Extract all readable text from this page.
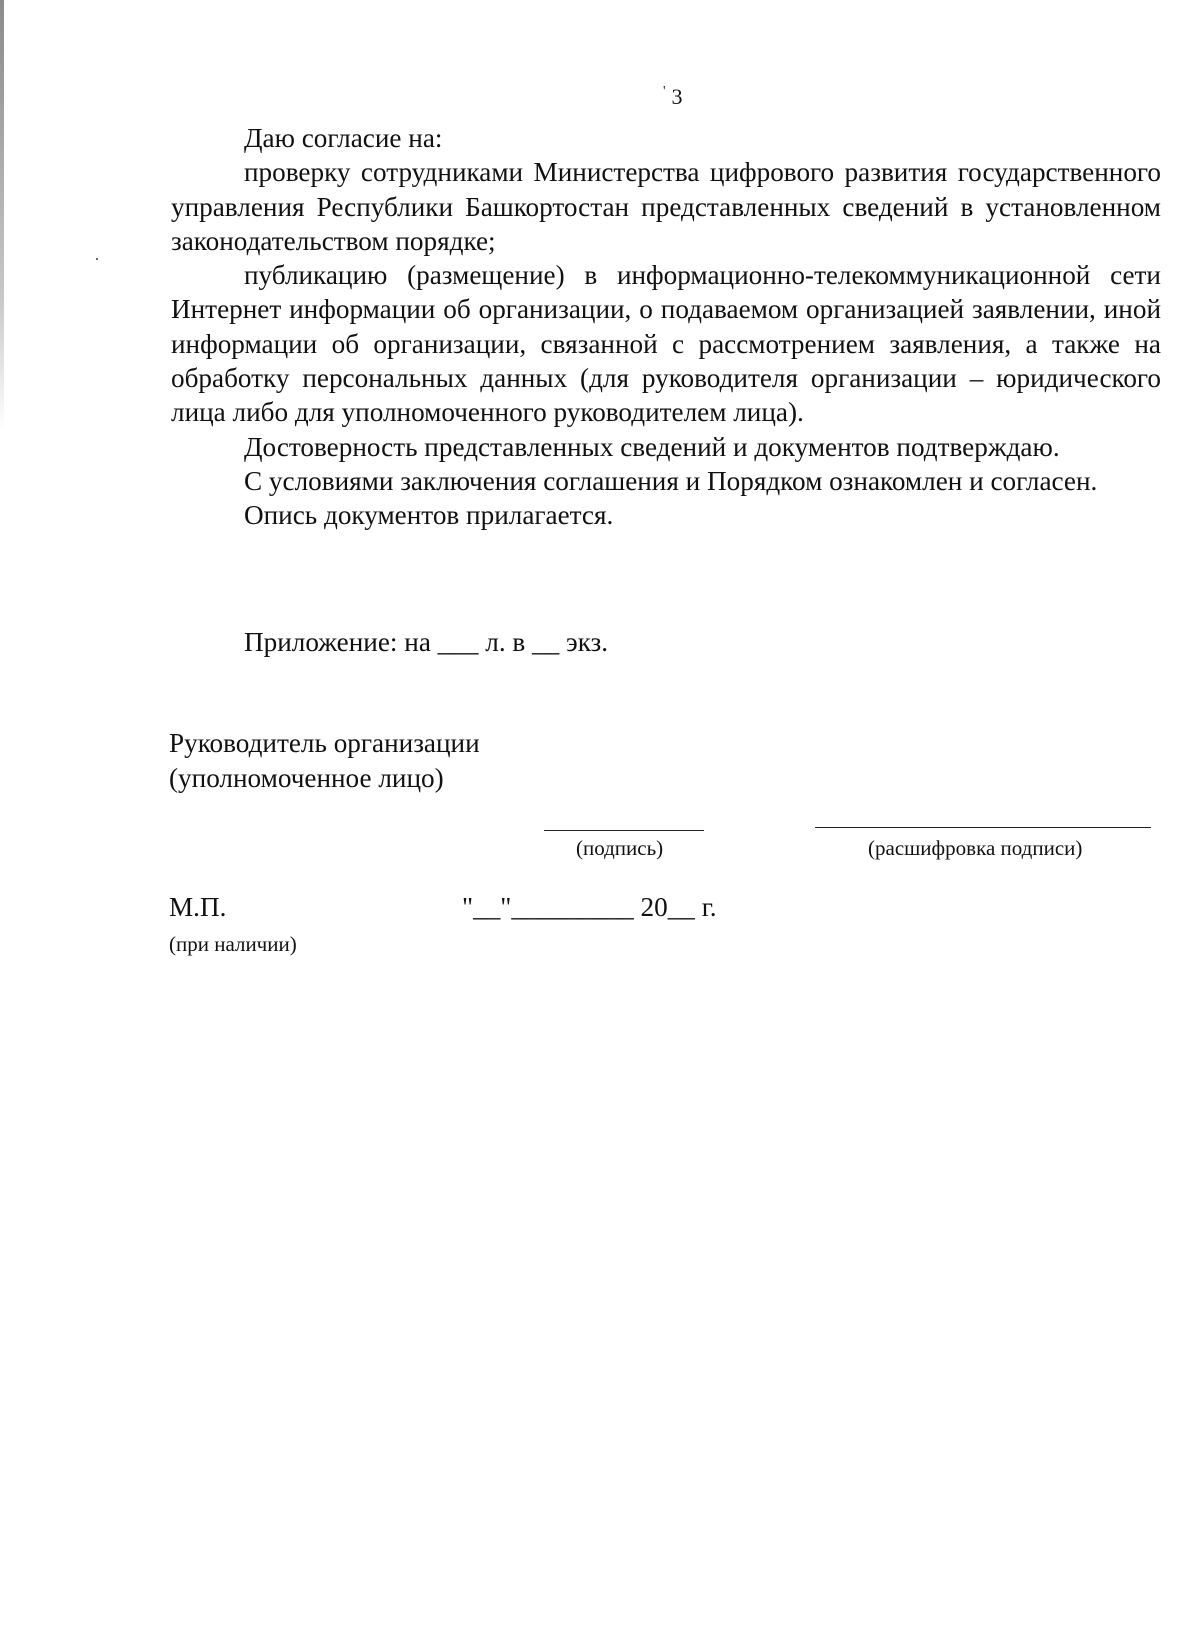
' 3

Даю согласие на:

проверку сотрудниками Министерства цифрового развития государственного управления Республики Башкортостан представленных сведений в установленном законодательством порядке;

публикацию (размещение) в информационно-телекоммуникационной сети Интернет информации об организации, о подаваемом организацией заявлении, иной информации об организации, связанной с рассмотрением заявления, а также на обработку персональных данных (для руководителя организации – юридического лица либо для уполномоченного руководителем лица).

Достоверность представленных сведений и документов подтверждаю.

С условиями заключения соглашения и Порядком ознакомлен и согласен.

Опись документов прилагается.

Приложение: на ___ л. в __ экз.
Руководитель организации
(уполномоченное лицо)
(подпись)	(расшифровка подписи)
М.П.
(при наличии)
"__"_________ 20__ г.
